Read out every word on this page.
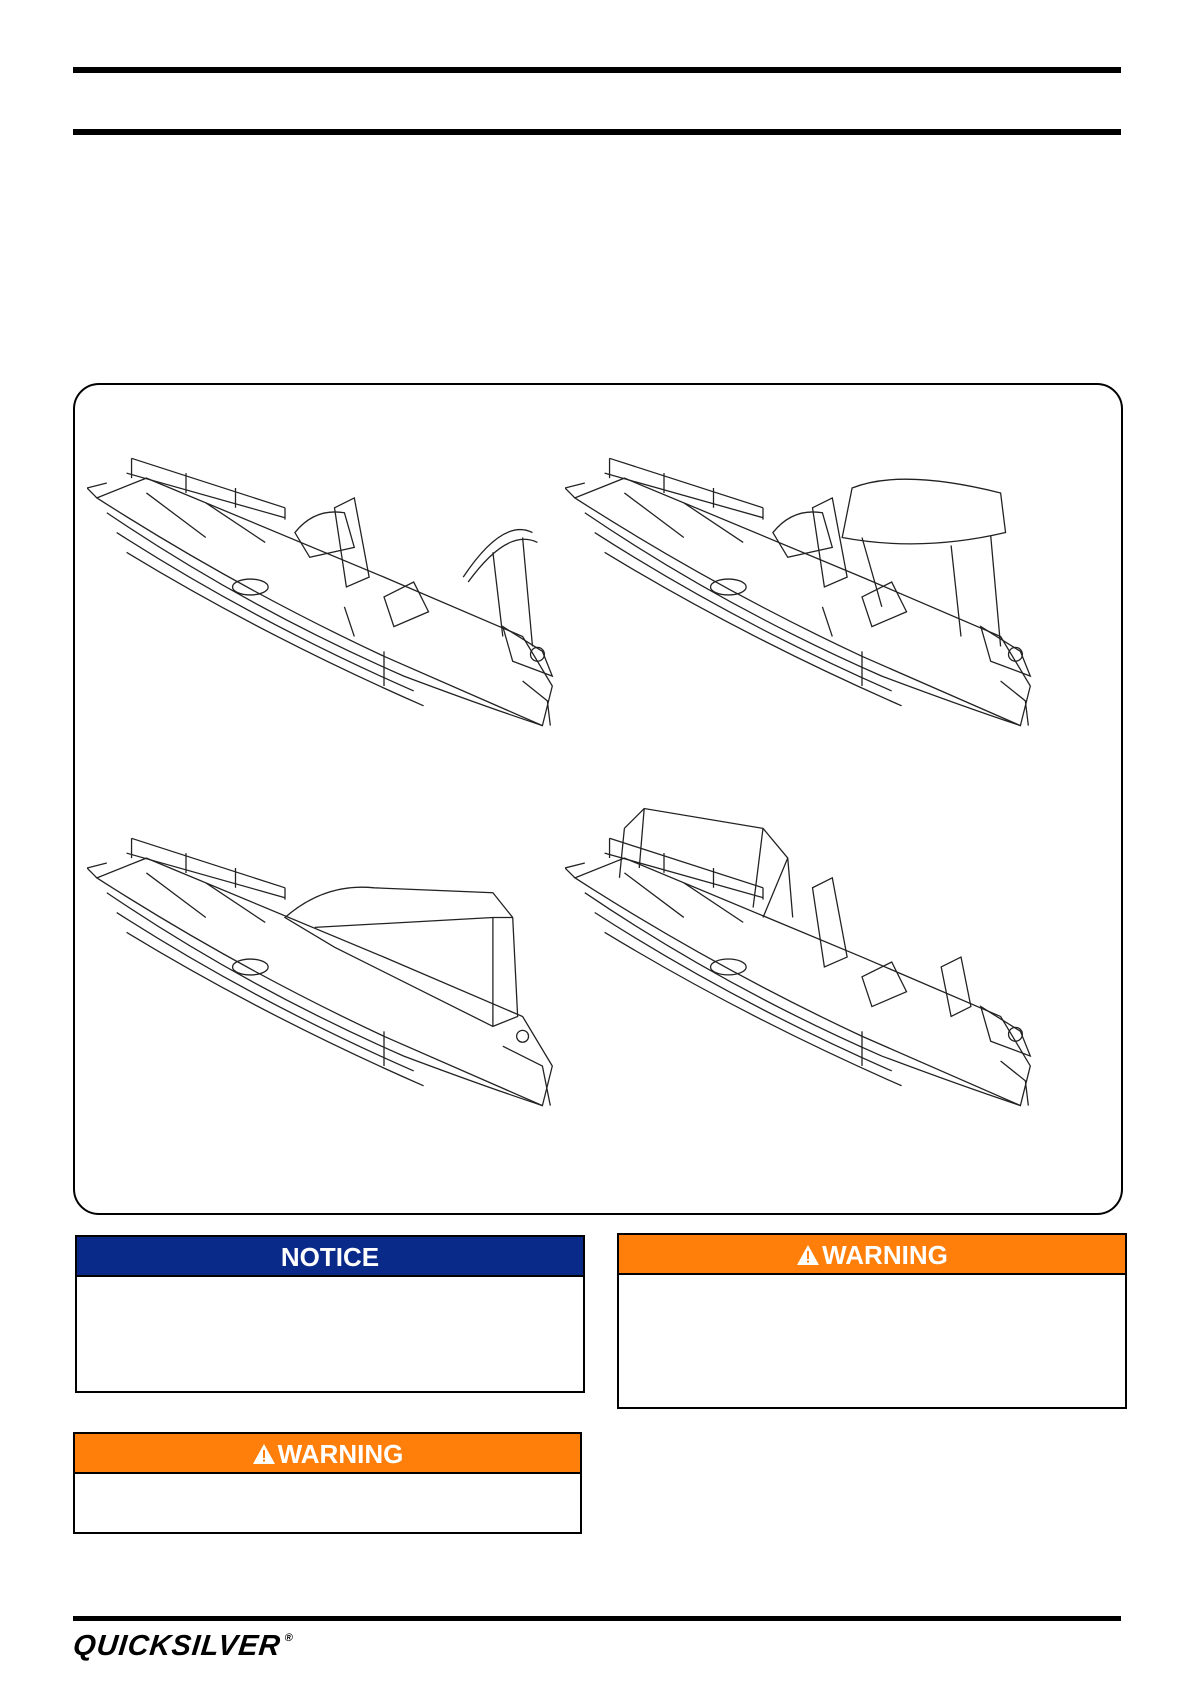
NOTICE	WARNING
WARNING
QUICKSILVER ®
